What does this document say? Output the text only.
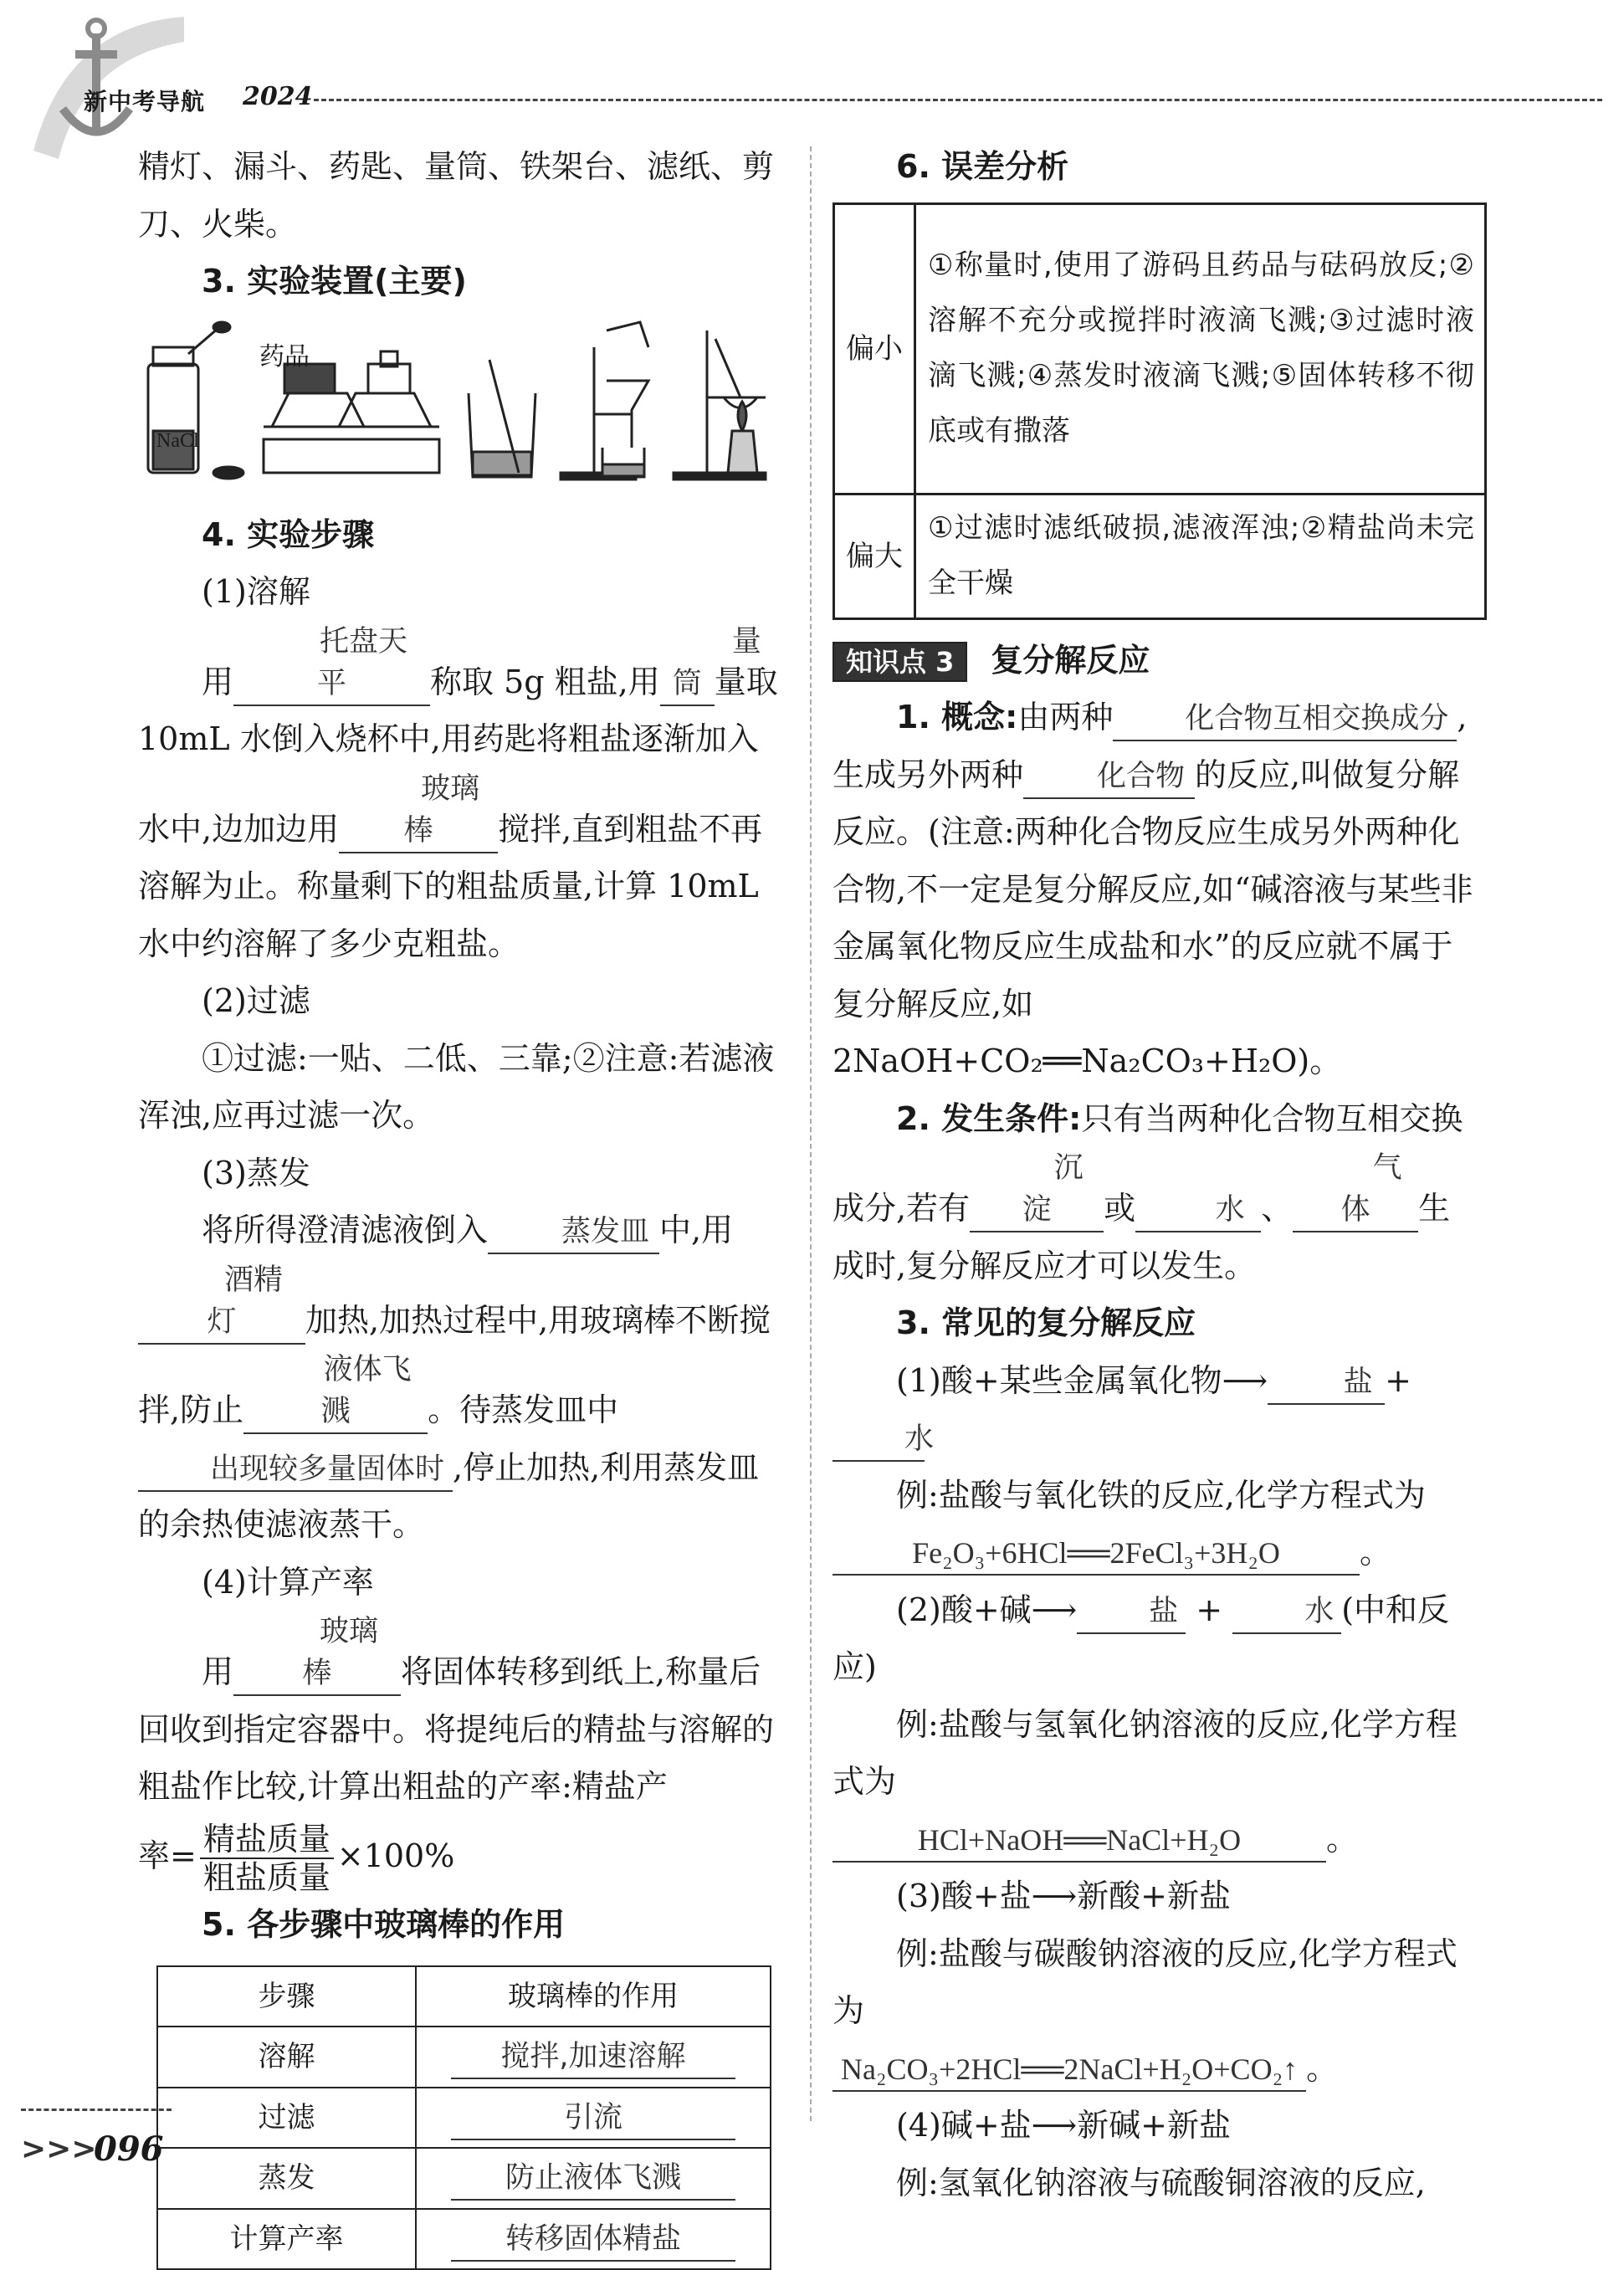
新中考导航 2024

精灯、漏斗、药匙、量筒、铁架台、滤纸、剪刀、火柴。

3. 实验装置(主要)

药品
NaCl

4. 实验步骤

(1)溶解

用托盘天平	称取 5g 粗盐,用量筒 量取 10mL 水倒入烧杯中,用药匙将粗盐逐渐加入水中,边加边用玻璃棒 搅拌,直到粗盐不再溶解为止。称量剩下的粗盐质量,计算 10mL 水中约溶解了多少克粗盐。

(2)过滤

①过滤:一贴、二低、三靠;②注意:若滤液浑浊,应再过滤一次。

(3)蒸发

将所得澄清滤液倒入	蒸发皿 中,用酒精灯 加热,加热过程中,用玻璃棒不断搅拌,防止液体飞溅 。待蒸发皿中出现较多量固体时 ,停止加热,利用蒸发皿的余热使滤液蒸干。

(4)计算产率

用玻璃棒 将固体转移到纸上,称量后回收到指定容器中。将提纯后的精盐与溶解的粗盐作比较,计算出粗盐的产率:精盐产

率= $\frac{\text{精盐质量}}{\text{粗盐质量}} \times 100\%$

5. 各步骤中玻璃棒的作用

步骤	玻璃棒的作用
溶解	搅拌,加速溶解
过滤	引流
蒸发	防止液体飞溅
计算产率	转移固体精盐

6. 误差分析

偏小	①称量时,使用了游码且药品与砝码放反;②溶解不充分或搅拌时液滴飞溅;③过滤时液滴飞溅;④蒸发时液滴飞溅;⑤固体转移不彻底或有撒落
偏大	①过滤时滤纸破损,滤液浑浊;②精盐尚未完全干燥

知识点 3 复分解反应

1. 概念:由两种 化合物互相交换成分 ,生成另外两种	化合物 的反应,叫做复分解反应。(注意:两种化合物反应生成另外两种化合物,不一定是复分解反应,如“碱溶液与某些非金属氧化物反应生成盐和水”的反应就不属于复分解反应,如 2NaOH+CO₂══Na₂CO₃+H₂O)。

2. 发生条件:只有当两种化合物互相交换成分,若有沉淀 或	水 、气体 生成时,复分解反应才可以发生。

3. 常见的复分解反应

(1)酸+某些金属氧化物⟶	盐 + 水

例:盐酸与氧化铁的反应,化学方程式为

Fe₂O₃+6HCl══2FeCl₃+3H₂O	。

(2)酸+碱⟶ 盐 +	水 (中和反应)

例:盐酸与氢氧化钠溶液的反应,化学方程式为

HCl+NaOH══NaCl+H₂O	。

(3)酸+盐⟶新酸+新盐

例:盐酸与碳酸钠溶液的反应,化学方程式为

Na₂CO₃+2HCl══2NaCl+H₂O+CO₂↑ 。

(4)碱+盐⟶新碱+新盐

例:氢氧化钠溶液与硫酸铜溶液的反应,

>>>
096
